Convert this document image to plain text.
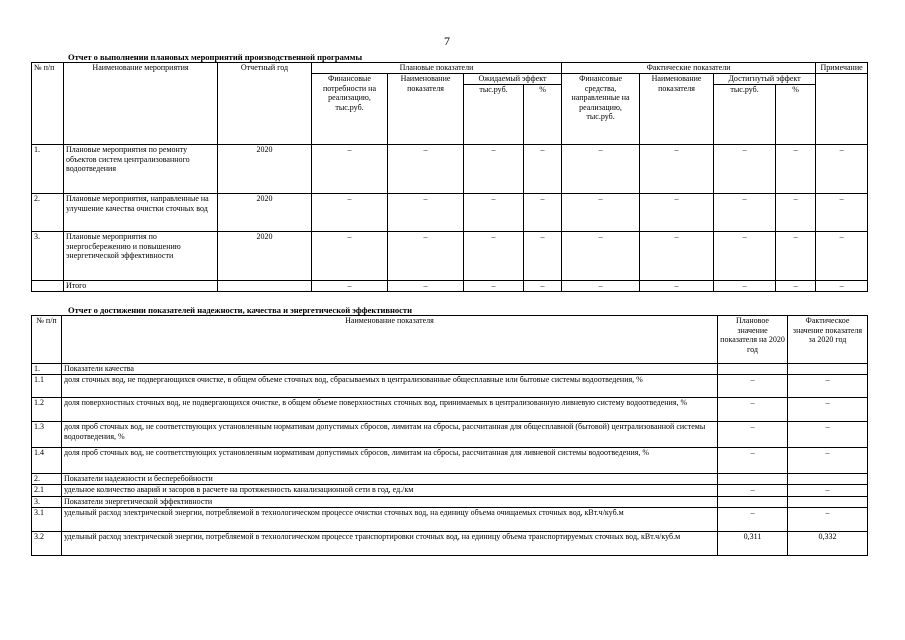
7
Отчет о выполнении плановых мероприятий производственной программы
№ п/п	Наименование мероприятия	Отчетный год	Плановые показатели				Фактические показатели				Примечание
			Финансовые потребности на реализацию, тыс.руб.	Наименование показателя	Ожидаемый эффект		Финансовые средства, направленные на реализацию, тыс.руб.	Наименование показателя	Достигнутый эффект		
					тыс.руб.	%			тыс.руб.	%	
1.	Плановые мероприятия по ремонту объектов систем централизованного водоотведения	2020	–	–	–	–	–	–	–	–	–
2.	Плановые мероприятия, направленные на улучшение качества очистки сточных вод	2020	–	–	–	–	–	–	–	–	–
3.	Плановые мероприятия по энергосбережению и повышению энергетической эффективности	2020	–	–	–	–	–	–	–	–	–
	Итого		–	–	–	–	–	–	–	–	–
Отчет о достижении показателей надежности, качества и энергетической эффективности
№ п/п	Наименование показателя	Плановое значение показателя на 2020 год	Фактическое значение показателя за 2020 год
1.	Показатели качества		
1.1	доля сточных вод, не подвергающихся очистке, в общем объеме сточных вод, сбрасываемых в централизованные общесплавные или бытовые системы водоотведения, %	–	–
1.2	доля поверхностных сточных вод, не подвергающихся очистке, в общем объеме поверхностных сточных вод, принимаемых в централизованную ливневую систему водоотведения, %	–	–
1.3	доля проб сточных вод, не соответствующих установленным нормативам допустимых сбросов, лимитам на сбросы, рассчитанная для общесплавной (бытовой) централизованной системы водоотведения, %	–	–
1.4	доля проб сточных вод, не соответствующих установленным нормативам допустимых сбросов, лимитам на сбросы, рассчитанная для ливневой системы водоотведения, %	–	–
2.	Показатели надежности и бесперебойности		
2.1	удельное количество аварий и засоров в расчете на протяженность канализационной сети в год, ед./км	–	–
3.	Показатели энергетической эффективности		
3.1	удельный расход электрической энергии, потребляемой в технологическом процессе очистки сточных вод, на единицу объема очищаемых сточных вод, кВт.ч/куб.м	–	–
3.2	удельный расход электрической энергии, потребляемой в технологическом процессе транспортировки сточных вод, на единицу объема транспортируемых сточных вод, кВт.ч/куб.м	0,311	0,332
